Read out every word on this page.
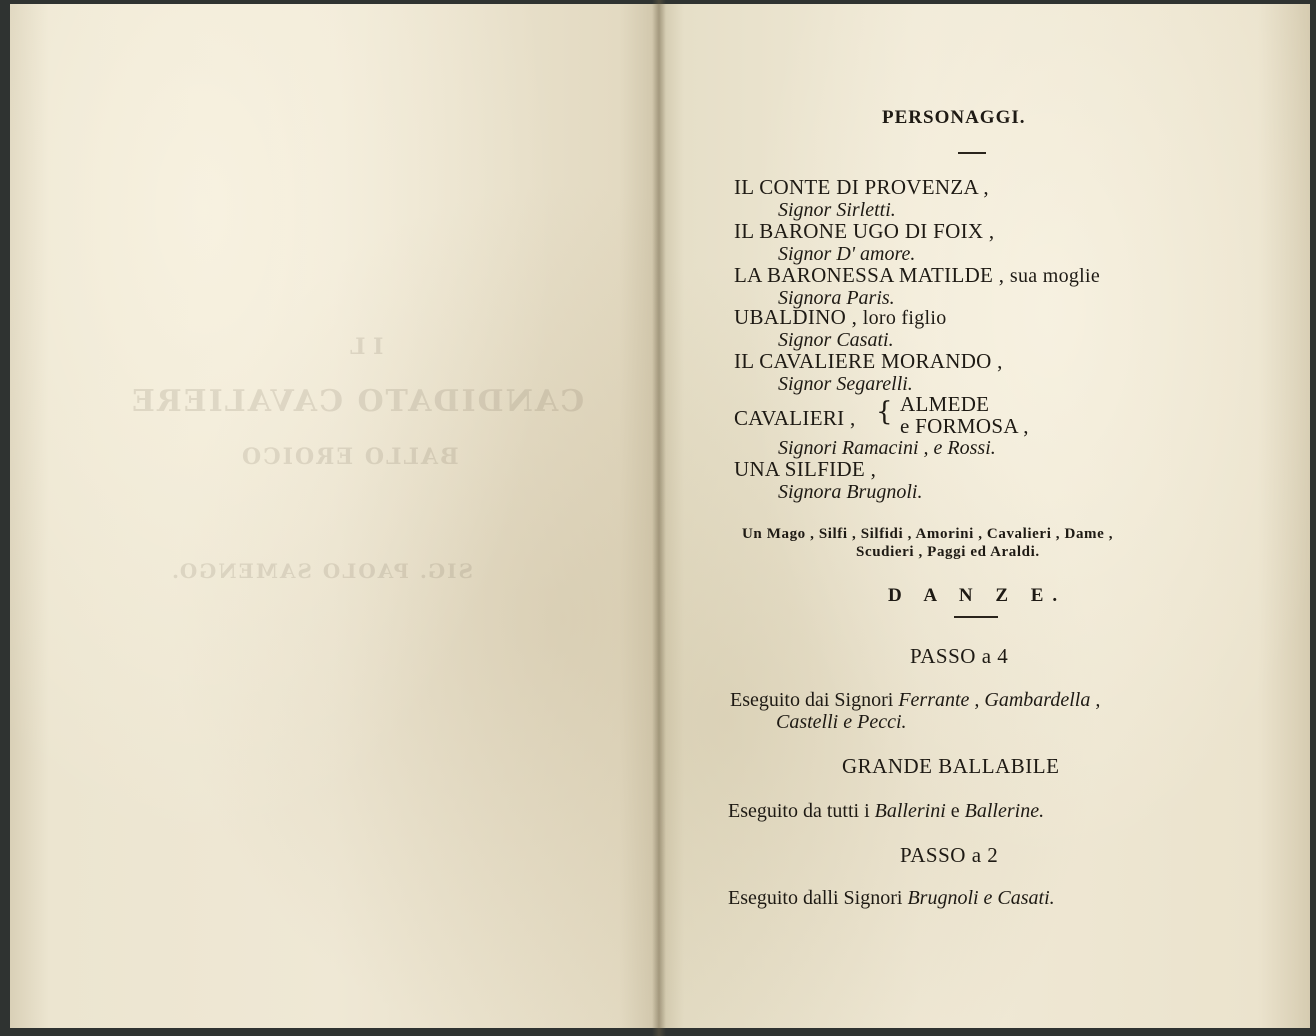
I L
CANDIDATO CAVALIERE
BALLO EROICO
SIG. PAOLO SAMENGO.
PERSONAGGI.
IL CONTE DI PROVENZA ,
Signor Sirletti.
IL BARONE UGO DI FOIX ,
Signor D' amore.
LA BARONESSA MATILDE , sua moglie
Signora Paris.
UBALDINO , loro figlio
Signor Casati.
IL CAVALIERE MORANDO ,
Signor Segarelli.
CAVALIERI , { ALMEDE
e FORMOSA ,
Signori Ramacini , e Rossi.
UNA SILFIDE ,
Signora Brugnoli.
Un Mago , Silfi , Silfidi , Amorini , Cavalieri , Dame ,
Scudieri , Paggi ed Araldi.
D A N Z E.
PASSO a 4
Eseguito dai Signori Ferrante , Gambardella ,
Castelli e Pecci.
GRANDE BALLABILE
Eseguito da tutti i Ballerini e Ballerine.
PASSO a 2
Eseguito dalli Signori Brugnoli e Casati.
